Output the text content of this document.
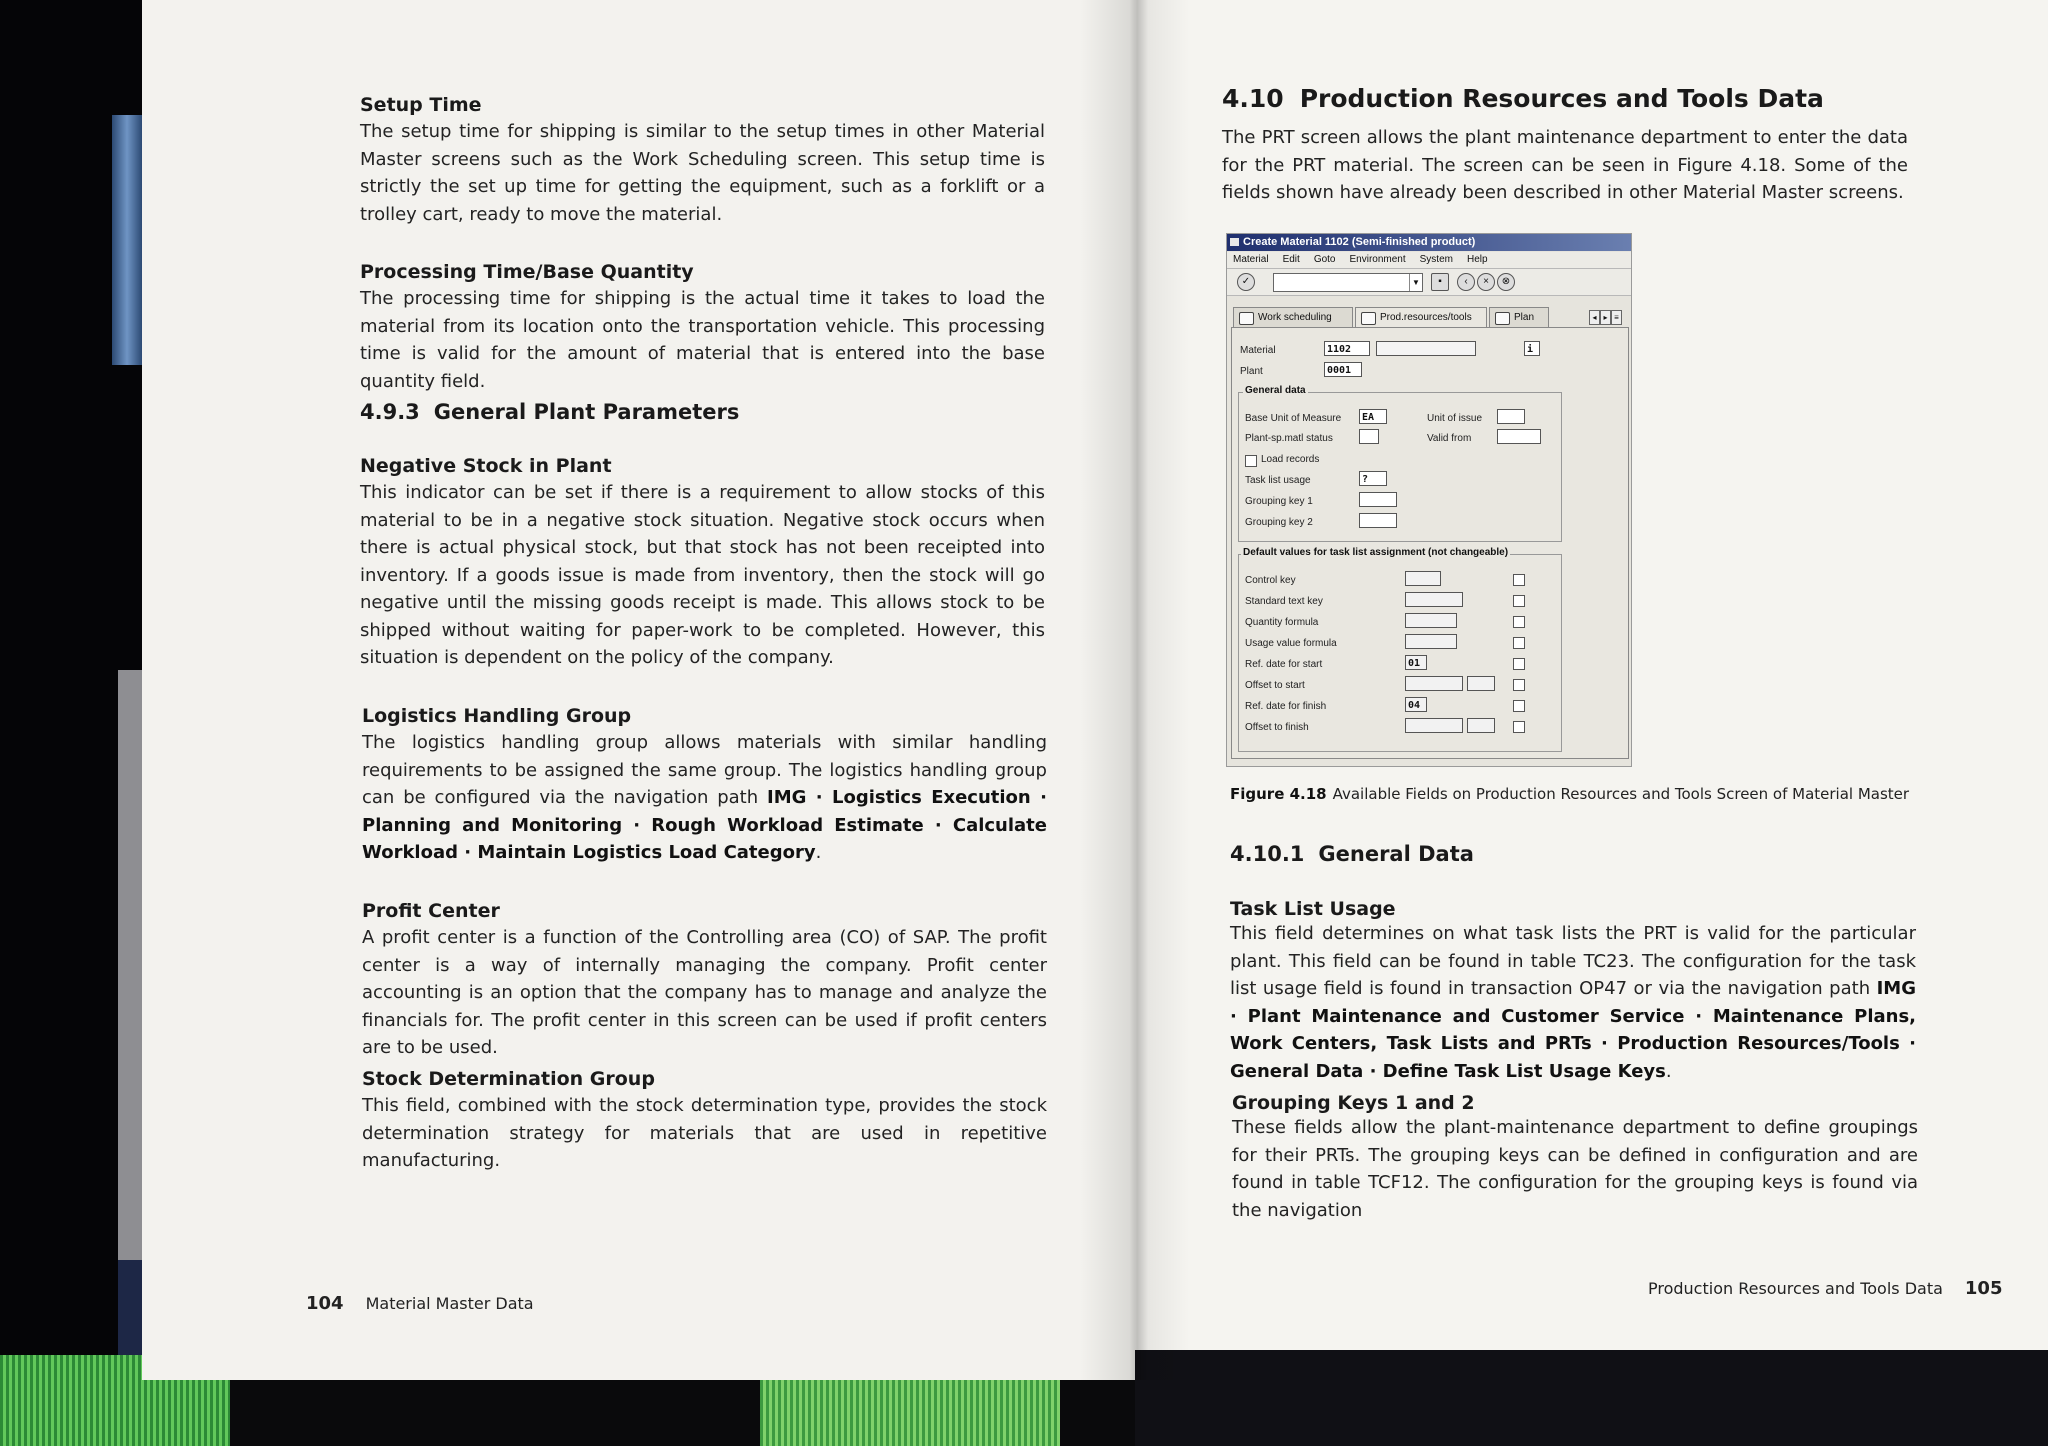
Setup Time
The setup time for shipping is similar to the setup times in other Material Master screens such as the Work Scheduling screen. This setup time is strictly the set up time for getting the equipment, such as a forklift or a trolley cart, ready to move the material.
Processing Time/Base Quantity
The processing time for shipping is the actual time it takes to load the material from its location onto the transportation vehicle. This processing time is valid for the amount of material that is entered into the base quantity field.
4.9.3 General Plant Parameters
Negative Stock in Plant
This indicator can be set if there is a requirement to allow stocks of this material to be in a negative stock situation. Negative stock occurs when there is actual physical stock, but that stock has not been receipted into inventory. If a goods issue is made from inventory, then the stock will go negative until the missing goods receipt is made. This allows stock to be shipped without waiting for paper-work to be completed. However, this situation is dependent on the policy of the company.
Logistics Handling Group
The logistics handling group allows materials with similar handling requirements to be assigned the same group. The logistics handling group can be configured via the navigation path IMG · Logistics Execution · Planning and Monitoring · Rough Workload Estimate · Calculate Workload · Maintain Logistics Load Category.
Profit Center
A profit center is a function of the Controlling area (CO) of SAP. The profit center is a way of internally managing the company. Profit center accounting is an option that the company has to manage and analyze the financials for. The profit center in this screen can be used if profit centers are to be used.
Stock Determination Group
This field, combined with the stock determination type, provides the stock determination strategy for materials that are used in repetitive manufacturing.
104 Material Master Data
4.10 Production Resources and Tools Data
The PRT screen allows the plant maintenance department to enter the data for the PRT material. The screen can be seen in Figure 4.18. Some of the fields shown have already been described in other Material Master screens.
Create Material 1102 (Semi-finished product)
Material Edit Goto Environment System Help
✓	▼	▪	‹	×	⊗
Work scheduling	Prod.resources/tools	Plan	◂ ▸ ≡
Material	1102	i
Plant	0001
General data
Base Unit of Measure	EA	Unit of issue
Plant-sp.matl status	Valid from
Load records
Task list usage	?
Grouping key 1
Grouping key 2
Default values for task list assignment (not changeable)
Control key
Standard text key
Quantity formula
Usage value formula
Ref. date for start	01
Offset to start
Ref. date for finish	04
Offset to finish
Figure 4.18 Available Fields on Production Resources and Tools Screen of Material Master
4.10.1 General Data
Task List Usage
This field determines on what task lists the PRT is valid for the particular plant. This field can be found in table TC23. The configuration for the task list usage field is found in transaction OP47 or via the navigation path IMG · Plant Maintenance and Customer Service · Maintenance Plans, Work Centers, Task Lists and PRTs · Production Resources/Tools · General Data · Define Task List Usage Keys.
Grouping Keys 1 and 2
These fields allow the plant-maintenance department to define groupings for their PRTs. The grouping keys can be defined in configuration and are found in table TCF12. The configuration for the grouping keys is found via the navigation
Production Resources and Tools Data 105
